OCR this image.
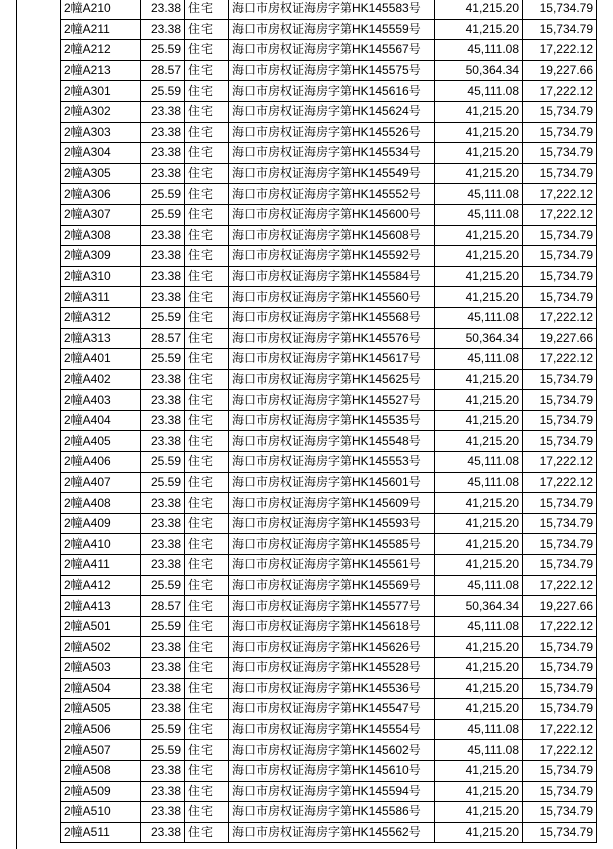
2幢A210	23.38	住宅	海口市房权证海房字第HK145583号	41,215.20	15,734.79
2幢A211	23.38	住宅	海口市房权证海房字第HK145559号	41,215.20	15,734.79
2幢A212	25.59	住宅	海口市房权证海房字第HK145567号	45,111.08	17,222.12
2幢A213	28.57	住宅	海口市房权证海房字第HK145575号	50,364.34	19,227.66
2幢A301	25.59	住宅	海口市房权证海房字第HK145616号	45,111.08	17,222.12
2幢A302	23.38	住宅	海口市房权证海房字第HK145624号	41,215.20	15,734.79
2幢A303	23.38	住宅	海口市房权证海房字第HK145526号	41,215.20	15,734.79
2幢A304	23.38	住宅	海口市房权证海房字第HK145534号	41,215.20	15,734.79
2幢A305	23.38	住宅	海口市房权证海房字第HK145549号	41,215.20	15,734.79
2幢A306	25.59	住宅	海口市房权证海房字第HK145552号	45,111.08	17,222.12
2幢A307	25.59	住宅	海口市房权证海房字第HK145600号	45,111.08	17,222.12
2幢A308	23.38	住宅	海口市房权证海房字第HK145608号	41,215.20	15,734.79
2幢A309	23.38	住宅	海口市房权证海房字第HK145592号	41,215.20	15,734.79
2幢A310	23.38	住宅	海口市房权证海房字第HK145584号	41,215.20	15,734.79
2幢A311	23.38	住宅	海口市房权证海房字第HK145560号	41,215.20	15,734.79
2幢A312	25.59	住宅	海口市房权证海房字第HK145568号	45,111.08	17,222.12
2幢A313	28.57	住宅	海口市房权证海房字第HK145576号	50,364.34	19,227.66
2幢A401	25.59	住宅	海口市房权证海房字第HK145617号	45,111.08	17,222.12
2幢A402	23.38	住宅	海口市房权证海房字第HK145625号	41,215.20	15,734.79
2幢A403	23.38	住宅	海口市房权证海房字第HK145527号	41,215.20	15,734.79
2幢A404	23.38	住宅	海口市房权证海房字第HK145535号	41,215.20	15,734.79
2幢A405	23.38	住宅	海口市房权证海房字第HK145548号	41,215.20	15,734.79
2幢A406	25.59	住宅	海口市房权证海房字第HK145553号	45,111.08	17,222.12
2幢A407	25.59	住宅	海口市房权证海房字第HK145601号	45,111.08	17,222.12
2幢A408	23.38	住宅	海口市房权证海房字第HK145609号	41,215.20	15,734.79
2幢A409	23.38	住宅	海口市房权证海房字第HK145593号	41,215.20	15,734.79
2幢A410	23.38	住宅	海口市房权证海房字第HK145585号	41,215.20	15,734.79
2幢A411	23.38	住宅	海口市房权证海房字第HK145561号	41,215.20	15,734.79
2幢A412	25.59	住宅	海口市房权证海房字第HK145569号	45,111.08	17,222.12
2幢A413	28.57	住宅	海口市房权证海房字第HK145577号	50,364.34	19,227.66
2幢A501	25.59	住宅	海口市房权证海房字第HK145618号	45,111.08	17,222.12
2幢A502	23.38	住宅	海口市房权证海房字第HK145626号	41,215.20	15,734.79
2幢A503	23.38	住宅	海口市房权证海房字第HK145528号	41,215.20	15,734.79
2幢A504	23.38	住宅	海口市房权证海房字第HK145536号	41,215.20	15,734.79
2幢A505	23.38	住宅	海口市房权证海房字第HK145547号	41,215.20	15,734.79
2幢A506	25.59	住宅	海口市房权证海房字第HK145554号	45,111.08	17,222.12
2幢A507	25.59	住宅	海口市房权证海房字第HK145602号	45,111.08	17,222.12
2幢A508	23.38	住宅	海口市房权证海房字第HK145610号	41,215.20	15,734.79
2幢A509	23.38	住宅	海口市房权证海房字第HK145594号	41,215.20	15,734.79
2幢A510	23.38	住宅	海口市房权证海房字第HK145586号	41,215.20	15,734.79
2幢A511	23.38	住宅	海口市房权证海房字第HK145562号	41,215.20	15,734.79
